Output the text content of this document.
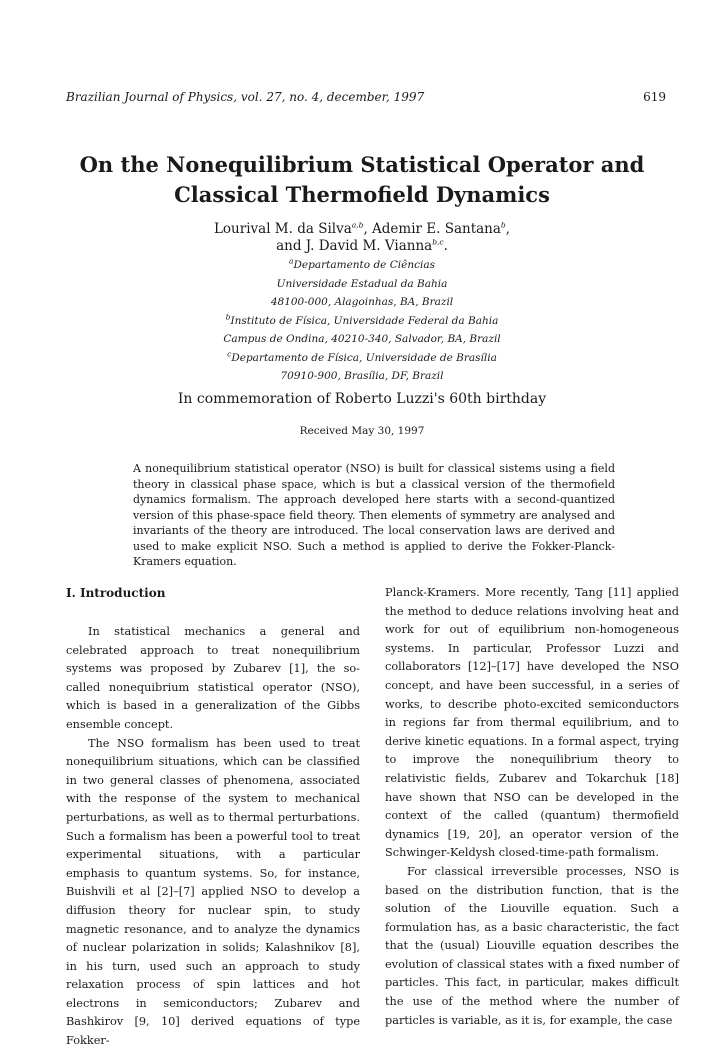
Brazilian Journal of Physics, vol. 27, no. 4, december, 1997	619
On the Nonequilibrium Statistical Operator and
Classical Thermofield Dynamics
Lourival M. da Silva$^{a,b}$, Ademir E. Santana$^b$,
and J. David M. Vianna$^{b,c}$.
$^a$Departamento de Ciências
Universidade Estadual da Bahia
48100-000, Alagoinhas, BA, Brazil
$^b$Instituto de Física, Universidade Federal da Bahia
Campus de Ondina, 40210-340, Salvador, BA, Brazil
$^c$Departamento de Física, Universidade de Brasília
70910-900, Brasília, DF, Brazil
In commemoration of Roberto Luzzi's 60th birthday
Received May 30, 1997
A nonequilibrium statistical operator (NSO) is built for classical sistems using a field theory in classical phase space, which is but a classical version of the thermofield dynamics formalism. The approach developed here starts with a second-quantized version of this phase-space field theory. Then elements of symmetry are analysed and invariants of the theory are introduced. The local conservation laws are derived and used to make explicit NSO. Such a method is applied to derive the Fokker-Planck-Kramers equation.
I. Introduction

In statistical mechanics a general and celebrated approach to treat nonequilibrium systems was proposed by Zubarev [1], the so-called nonequibrium statistical operator (NSO), which is based in a generalization of the Gibbs ensemble concept.

The NSO formalism has been used to treat nonequilibrium situations, which can be classified in two general classes of phenomena, associated with the response of the system to mechanical perturbations, as well as to thermal perturbations. Such a formalism has been a powerful tool to treat experimental situations, with a particular emphasis to quantum systems. So, for instance, Buishvili et al [2]–[7] applied NSO to develop a diffusion theory for nuclear spin, to study magnetic resonance, and to analyze the dynamics of nuclear polarization in solids; Kalashnikov [8], in his turn, used such an approach to study relaxation process of spin lattices and hot electrons in semiconductors; Zubarev and Bashkirov [9, 10] derived equations of type Fokker-

Planck-Kramers. More recently, Tang [11] applied the method to deduce relations involving heat and work for out of equilibrium non-homogeneous systems. In particular, Professor Luzzi and collaborators [12]–[17] have developed the NSO concept, and have been successful, in a series of works, to describe photo-excited semiconductors in regions far from thermal equilibrium, and to derive kinetic equations. In a formal aspect, trying to improve the nonequilibrium theory to relativistic fields, Zubarev and Tokarchuk [18] have shown that NSO can be developed in the context of the called (quantum) thermofield dynamics [19, 20], an operator version of the Schwinger-Keldysh closed-time-path formalism.

For classical irreversible processes, NSO is based on the distribution function, that is the solution of the Liouville equation. Such a formulation has, as a basic characteristic, the fact that the (usual) Liouville equation describes the evolution of classical states with a fixed number of particles. This fact, in particular, makes difficult the use of the method where the number of particles is variable, as it is, for example, the case
